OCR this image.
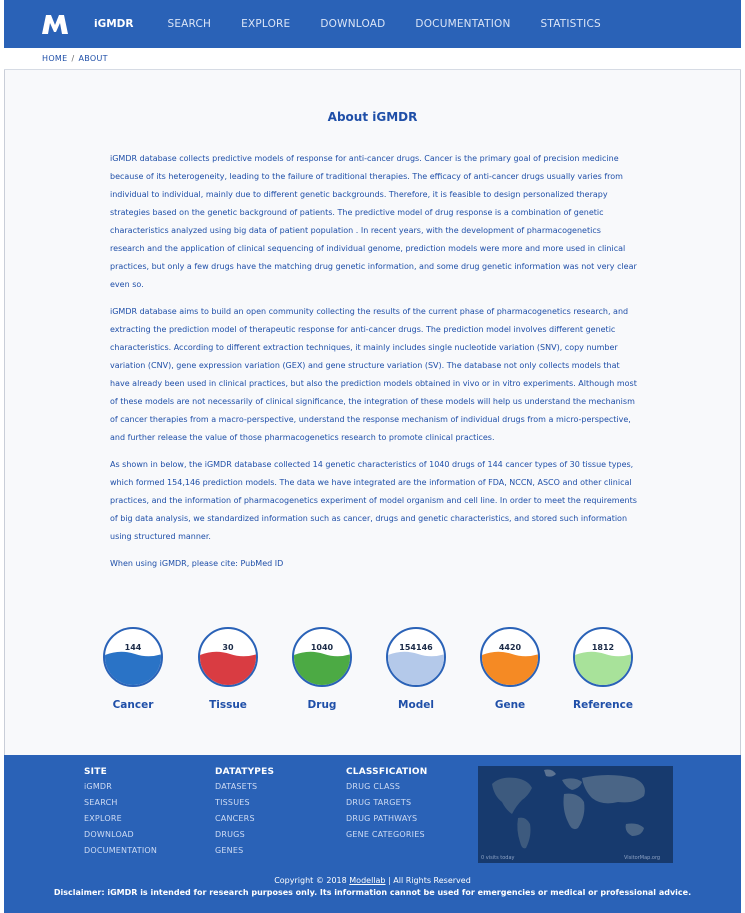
iGMDR	SEARCH	EXPLORE	DOWNLOAD	DOCUMENTATION	STATISTICS
HOME / ABOUT
About iGMDR

iGMDR database collects predictive models of response for anti-cancer drugs. Cancer is the primary goal of precision medicine because of its heterogeneity, leading to the failure of traditional therapies. The efficacy of anti-cancer drugs usually varies from individual to individual, mainly due to different genetic backgrounds. Therefore, it is feasible to design personalized therapy strategies based on the genetic background of patients. The predictive model of drug response is a combination of genetic characteristics analyzed using big data of patient population . In recent years, with the development of pharmacogenetics research and the application of clinical sequencing of individual genome, prediction models were more and more used in clinical practices, but only a few drugs have the matching drug genetic information, and some drug genetic information was not very clear even so.

iGMDR database aims to build an open community collecting the results of the current phase of pharmacogenetics research, and extracting the prediction model of therapeutic response for anti-cancer drugs. The prediction model involves different genetic characteristics. According to different extraction techniques, it mainly includes single nucleotide variation (SNV), copy number variation (CNV), gene expression variation (GEX) and gene structure variation (SV). The database not only collects models that have already been used in clinical practices, but also the prediction models obtained in vivo or in vitro experiments. Although most of these models are not necessarily of clinical significance, the integration of these models will help us understand the mechanism of cancer therapies from a macro-perspective, understand the response mechanism of individual drugs from a micro-perspective, and further release the value of those pharmacogenetics research to promote clinical practices.

As shown in below, the iGMDR database collected 14 genetic characteristics of 1040 drugs of 144 cancer types of 30 tissue types, which formed 154,146 prediction models. The data we have integrated are the information of FDA, NCCN, ASCO and other clinical practices, and the information of pharmacogenetics experiment of model organism and cell line. In order to meet the requirements of big data analysis, we standardized information such as cancer, drugs and genetic characteristics, and stored such information using structured manner.

When using iGMDR, please cite: PubMed ID

144
Cancer
30
Tissue
1040
Drug
154146
Model
4420
Gene
1812
Reference
SITE
iGMDR
SEARCH
EXPLORE
DOWNLOAD
DOCUMENTATION
DATATYPES
DATASETS
TISSUES
CANCERS
DRUGS
GENES
CLASSFICATION
DRUG CLASS
DRUG TARGETS
DRUG PATHWAYS
GENE CATEGORIES
0 visits today	VisitorMap.org
Copyright © 2018 Modellab | All Rights Reserved
Disclaimer: iGMDR is intended for research purposes only. Its information cannot be used for emergencies or medical or professional advice.
